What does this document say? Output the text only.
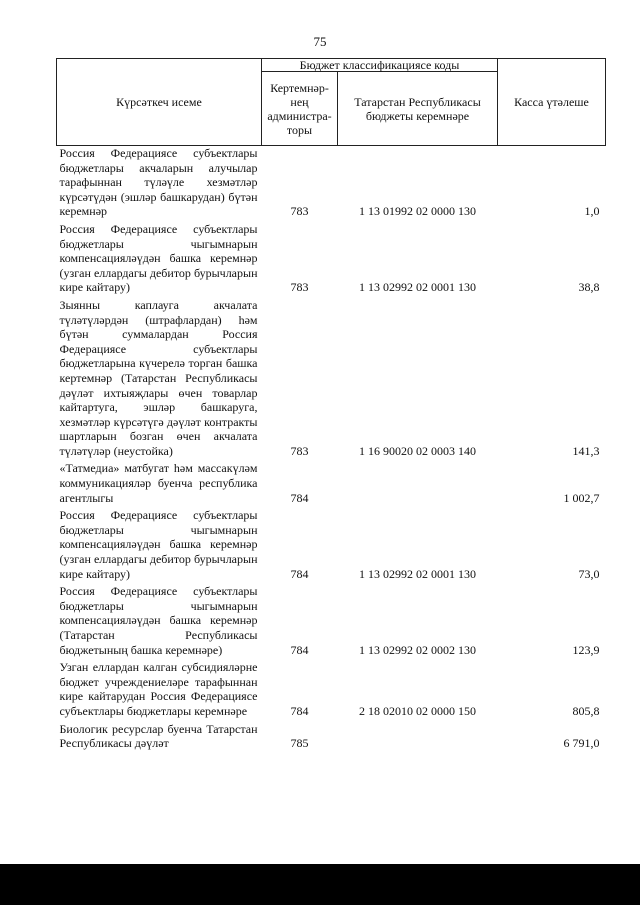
75
Күрсәткеч исеме	Бюджет классификациясе коды		Касса үтәлеше
	Кертемнәр-нең администра-торы	Татарстан Республикасы бюджеты керемнәре	
Россия Федерациясе субъектлары бюджетлары акчаларын алучылар тарафыннан түләүле хезмәтләр күрсәтүдән (эшләр башкарудан) бүтән керемнәр	783	1 13 01992 02 0000 130	1,0
Россия Федерациясе субъектлары бюджетлары чыгымнарын компенсацияләүдән башка керемнәр (узган еллардагы дебитор бурычларын кире кайтару)	783	1 13 02992 02 0001 130	38,8
Зыянны каплауга акчалата түләтүләрдән (штрафлардан) һәм бүтән суммалардан Россия Федерациясе субъектлары бюджетларына күчерелә торган башка кертемнәр (Татарстан Республикасы дәүләт ихтыяҗлары өчен товарлар кайтартуга, эшләр башкаруга, хезмәтләр күрсәтүгә дәүләт контракты шартларын бозган өчен акчалата түләтүләр (неустойка)	783	1 16 90020 02 0003 140	141,3
«Татмедиа» матбугат һәм массакүләм коммуникацияләр буенча республика агентлыгы	784		1 002,7
Россия Федерациясе субъектлары бюджетлары чыгымнарын компенсацияләүдән башка керемнәр (узган еллардагы дебитор бурычларын кире кайтару)	784	1 13 02992 02 0001 130	73,0
Россия Федерациясе субъектлары бюджетлары чыгымнарын компенсацияләүдән башка керемнәр (Татарстан Республикасы бюджетының башка керемнәре)	784	1 13 02992 02 0002 130	123,9
Узган еллардан калган субсидияләрне бюджет учреждениеләре тарафыннан кире кайтарудан Россия Федерациясе субъектлары бюджетлары керемнәре	784	2 18 02010 02 0000 150	805,8
Биологик ресурслар буенча Татарстан Республикасы дәүләт	785		6 791,0
